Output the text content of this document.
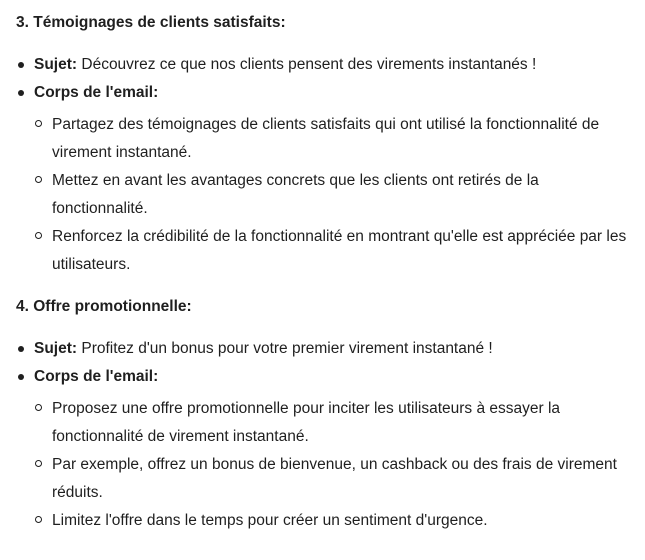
3. Témoignages de clients satisfaits:
Sujet: Découvrez ce que nos clients pensent des virements instantanés !
Corps de l'email:
Partagez des témoignages de clients satisfaits qui ont utilisé la fonctionnalité de virement instantané.
Mettez en avant les avantages concrets que les clients ont retirés de la fonctionnalité.
Renforcez la crédibilité de la fonctionnalité en montrant qu'elle est appréciée par les utilisateurs.
4. Offre promotionnelle:
Sujet: Profitez d'un bonus pour votre premier virement instantané !
Corps de l'email:
Proposez une offre promotionnelle pour inciter les utilisateurs à essayer la fonctionnalité de virement instantané.
Par exemple, offrez un bonus de bienvenue, un cashback ou des frais de virement réduits.
Limitez l'offre dans le temps pour créer un sentiment d'urgence.
